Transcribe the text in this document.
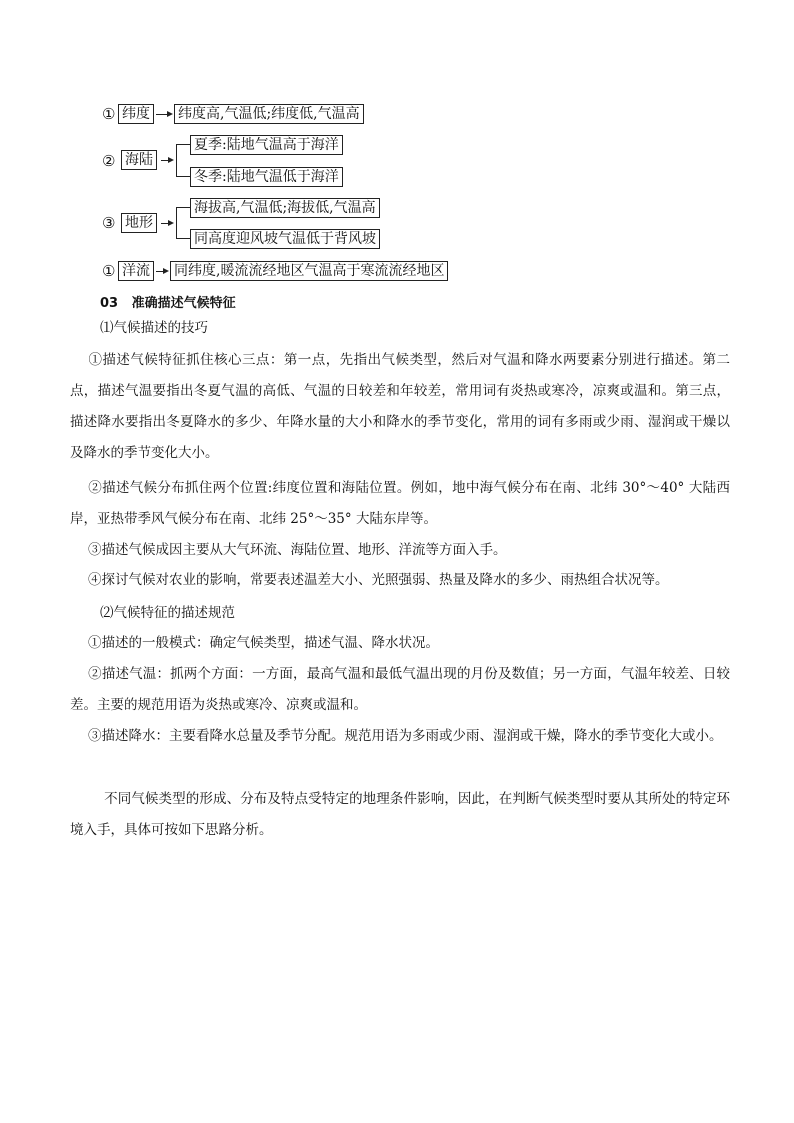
① 纬度 纬度高,气温低;纬度低,气温高
② 海陆
夏季:陆地气温高于海洋
冬季:陆地气温低于海洋
③ 地形
海拔高,气温低;海拔低,气温高
同高度迎风坡气温低于背风坡
① 洋流 同纬度,暖流流经地区气温高于寒流流经地区
03 准确描述气候特征

⑴气候描述的技巧

①描述气候特征抓住核心三点：第一点，先指出气候类型，然后对气温和降水两要素分别进行描述。第二点，描述气温要指出冬夏气温的高低、气温的日较差和年较差，常用词有炎热或寒冷，凉爽或温和。第三点，描述降水要指出冬夏降水的多少、年降水量的大小和降水的季节变化，常用的词有多雨或少雨、湿润或干燥以及降水的季节变化大小。

②描述气候分布抓住两个位置:纬度位置和海陆位置。例如，地中海气候分布在南、北纬 30°～40° 大陆西岸，亚热带季风气候分布在南、北纬 25°～35° 大陆东岸等。

③描述气候成因主要从大气环流、海陆位置、地形、洋流等方面入手。

④探讨气候对农业的影响，常要表述温差大小、光照强弱、热量及降水的多少、雨热组合状况等。

⑵气候特征的描述规范

①描述的一般模式：确定气候类型，描述气温、降水状况。

②描述气温：抓两个方面：一方面，最高气温和最低气温出现的月份及数值；另一方面，气温年较差、日较差。主要的规范用语为炎热或寒冷、凉爽或温和。

③描述降水：主要看降水总量及季节分配。规范用语为多雨或少雨、湿润或干燥，降水的季节变化大或小。

不同气候类型的形成、分布及特点受特定的地理条件影响，因此，在判断气候类型时要从其所处的特定环境入手，具体可按如下思路分析。
